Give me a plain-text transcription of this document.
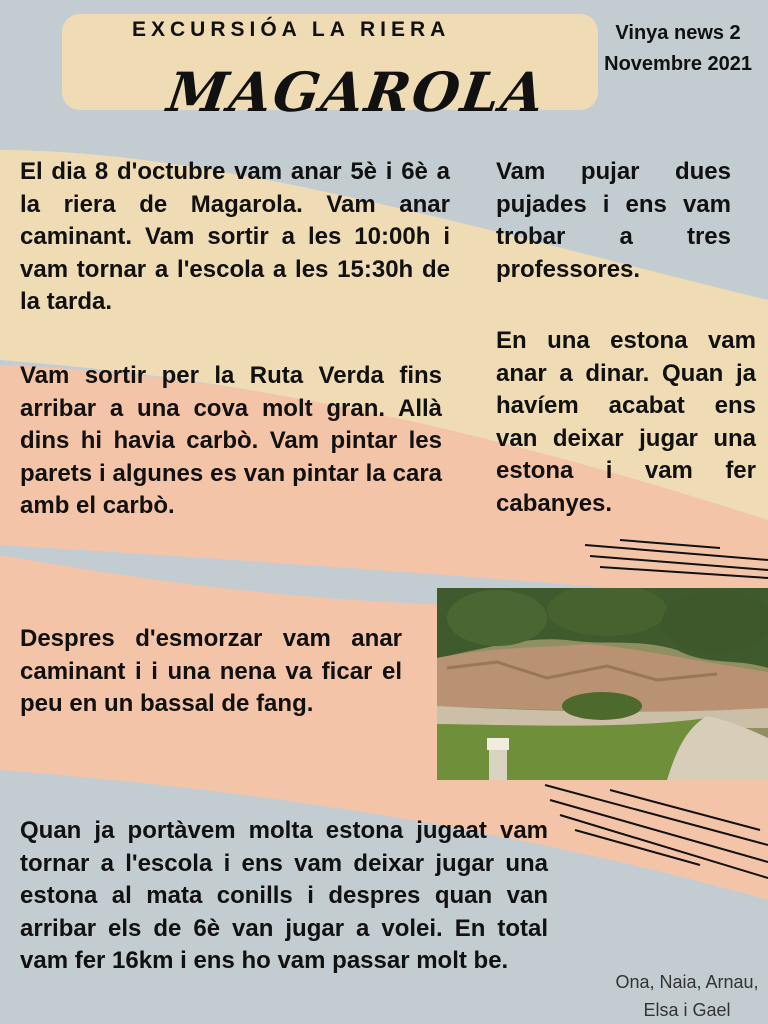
EXCURSIÓA LA RIERA
MAGAROLA
Vinya news 2
Novembre 2021

El dia 8 d'octubre vam anar 5è i 6è a la riera de Magarola. Vam anar caminant. Vam sortir a les 10:00h i vam tornar a l'escola a les 15:30h de la tarda.

Vam sortir per la Ruta Verda fins arribar a una cova molt gran. Allà dins hi havia carbò. Vam pintar les parets i algunes es van pintar la cara amb el carbò.

Despres d'esmorzar vam anar caminant i i una nena va ficar el peu en un bassal de fang.

Quan ja portàvem molta estona jugaat vam tornar a l'escola i ens vam deixar jugar una estona al mata conills i despres quan van arribar els de 6è van jugar a volei. En total vam fer 16km i ens ho vam passar molt be.

Vam pujar dues pujades i ens vam trobar a tres professores.

En una estona vam anar a dinar. Quan ja havíem acabat ens van deixar jugar una estona i vam fer cabanyes.

Ona, Naia, Arnau,
Elsa i Gael
